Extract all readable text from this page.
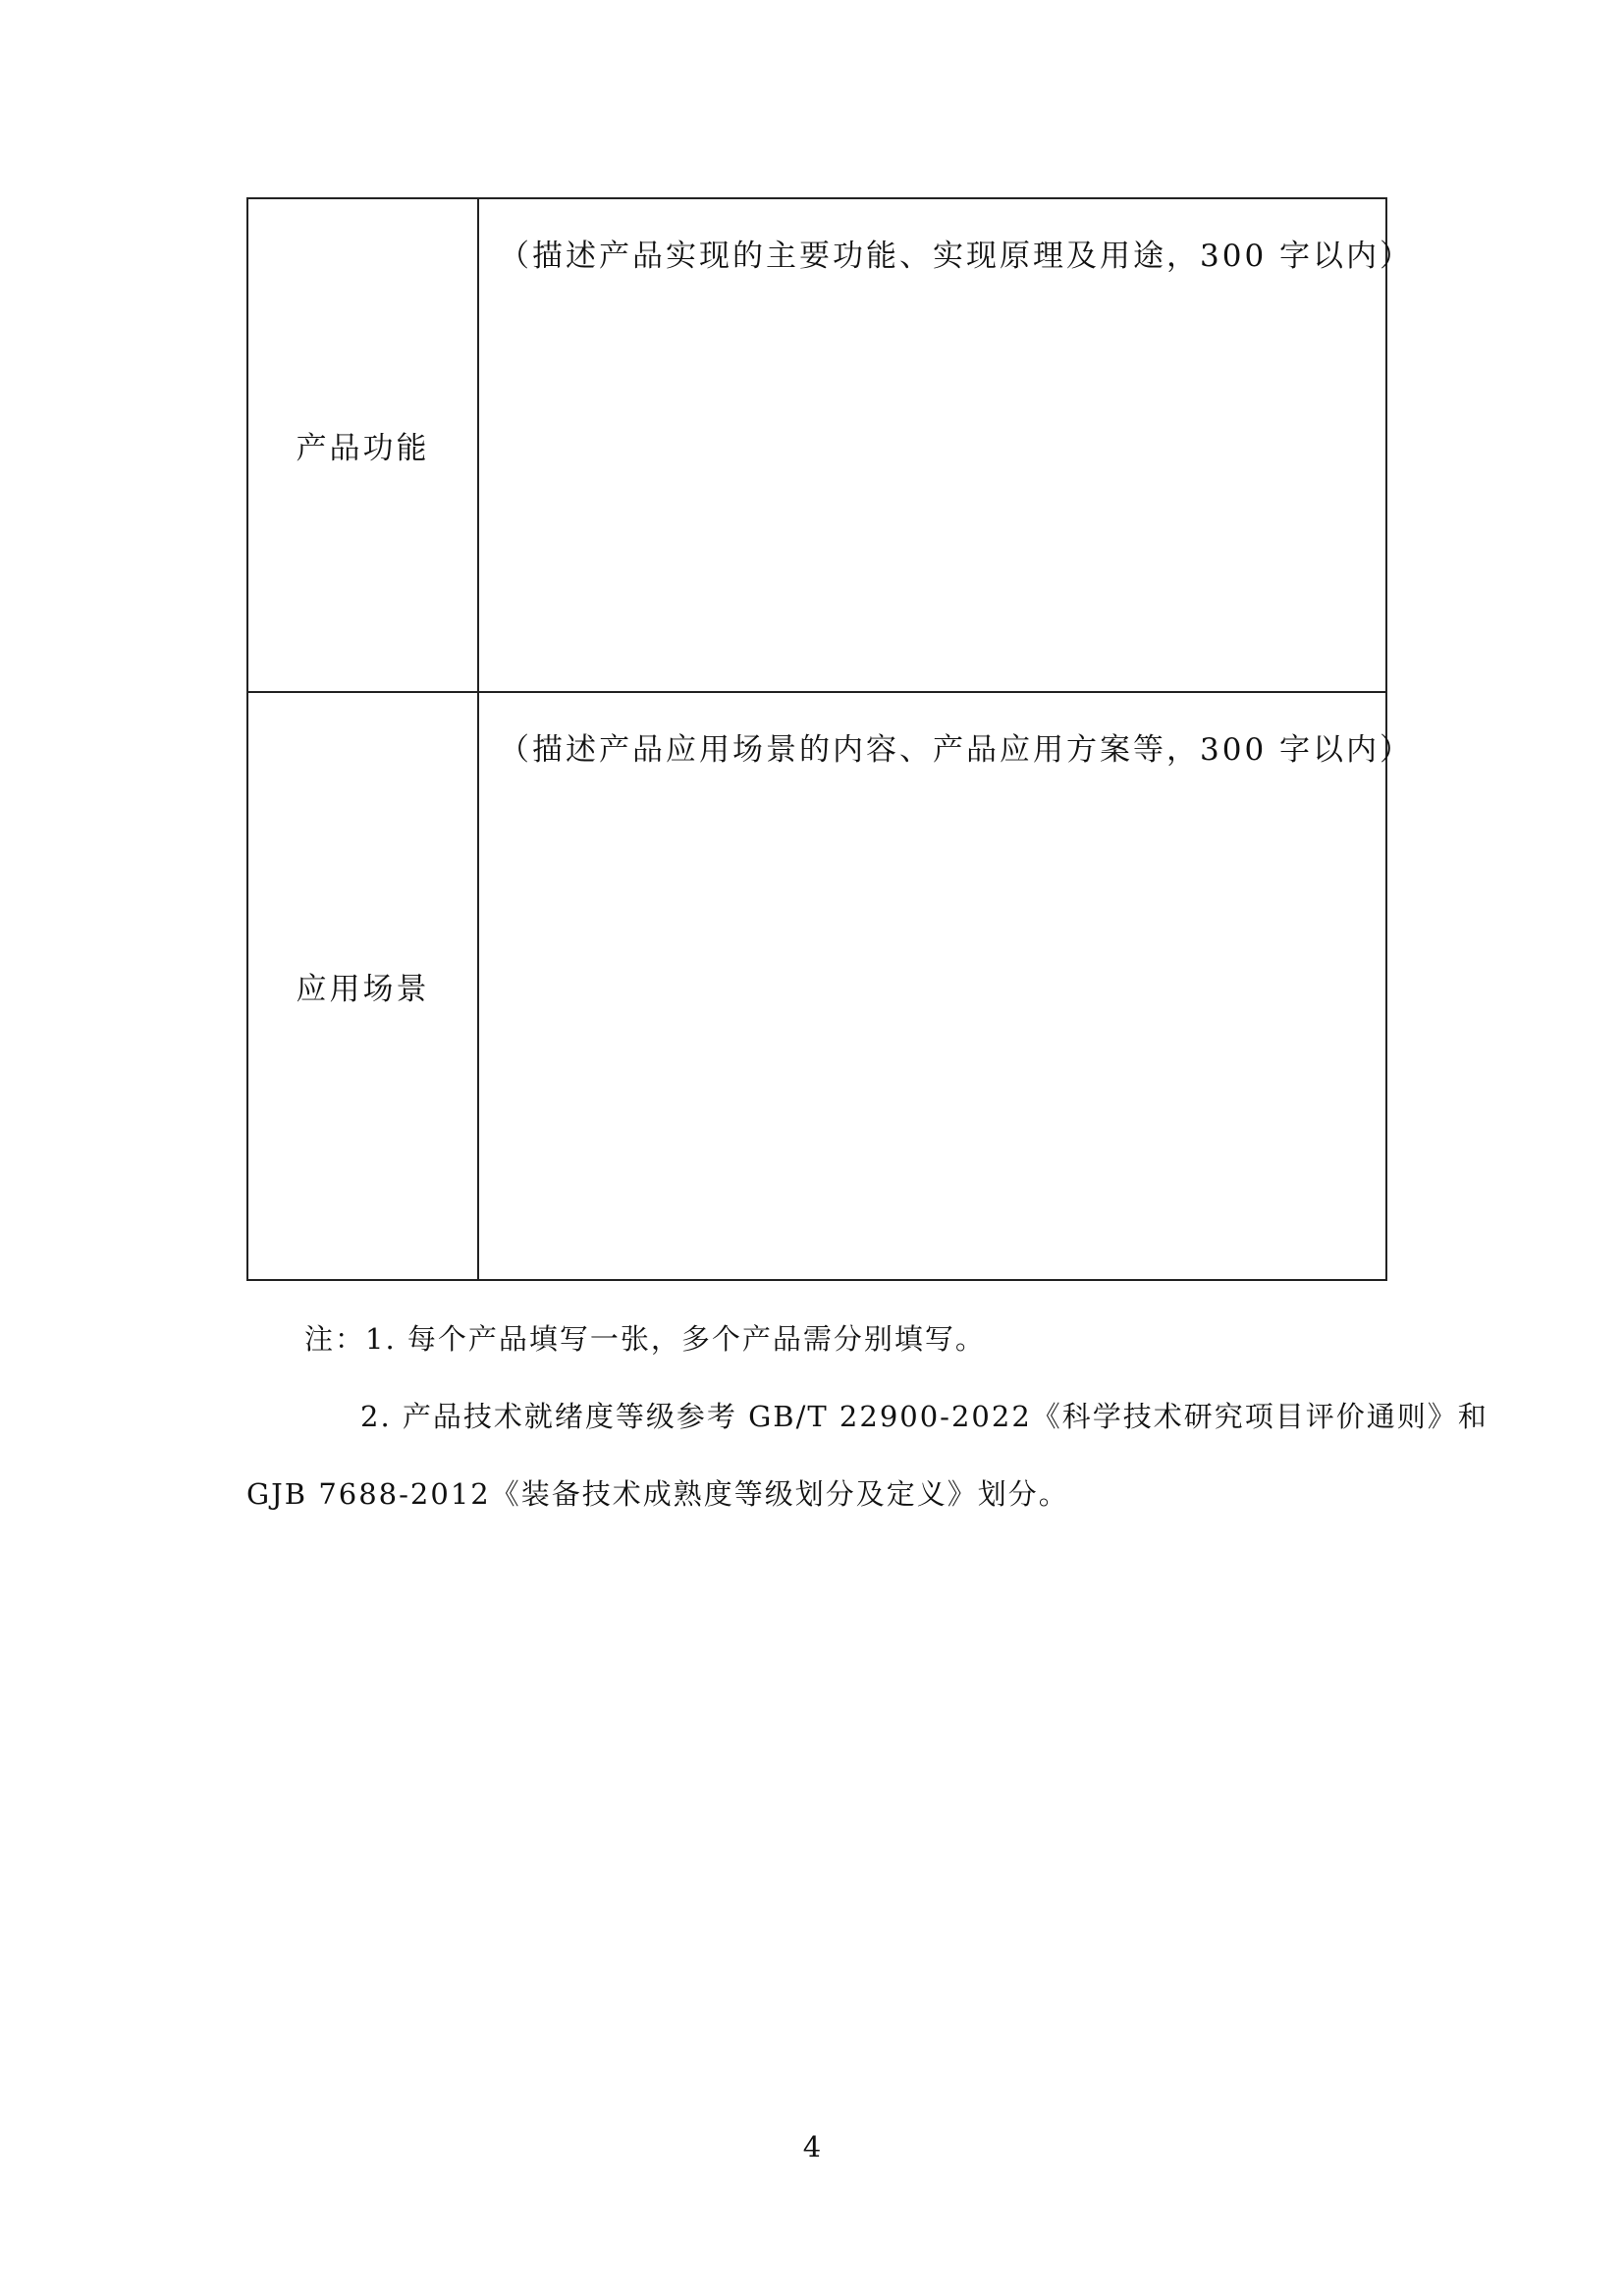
产品功能
（描述产品实现的主要功能、实现原理及用途，300 字以内）
应用场景
（描述产品应用场景的内容、产品应用方案等，300 字以内）
注：1. 每个产品填写一张，多个产品需分别填写。
2. 产品技术就绪度等级参考 GB/T 22900-2022《科学技术研究项目评价通则》和
GJB 7688-2012《装备技术成熟度等级划分及定义》划分。
4
